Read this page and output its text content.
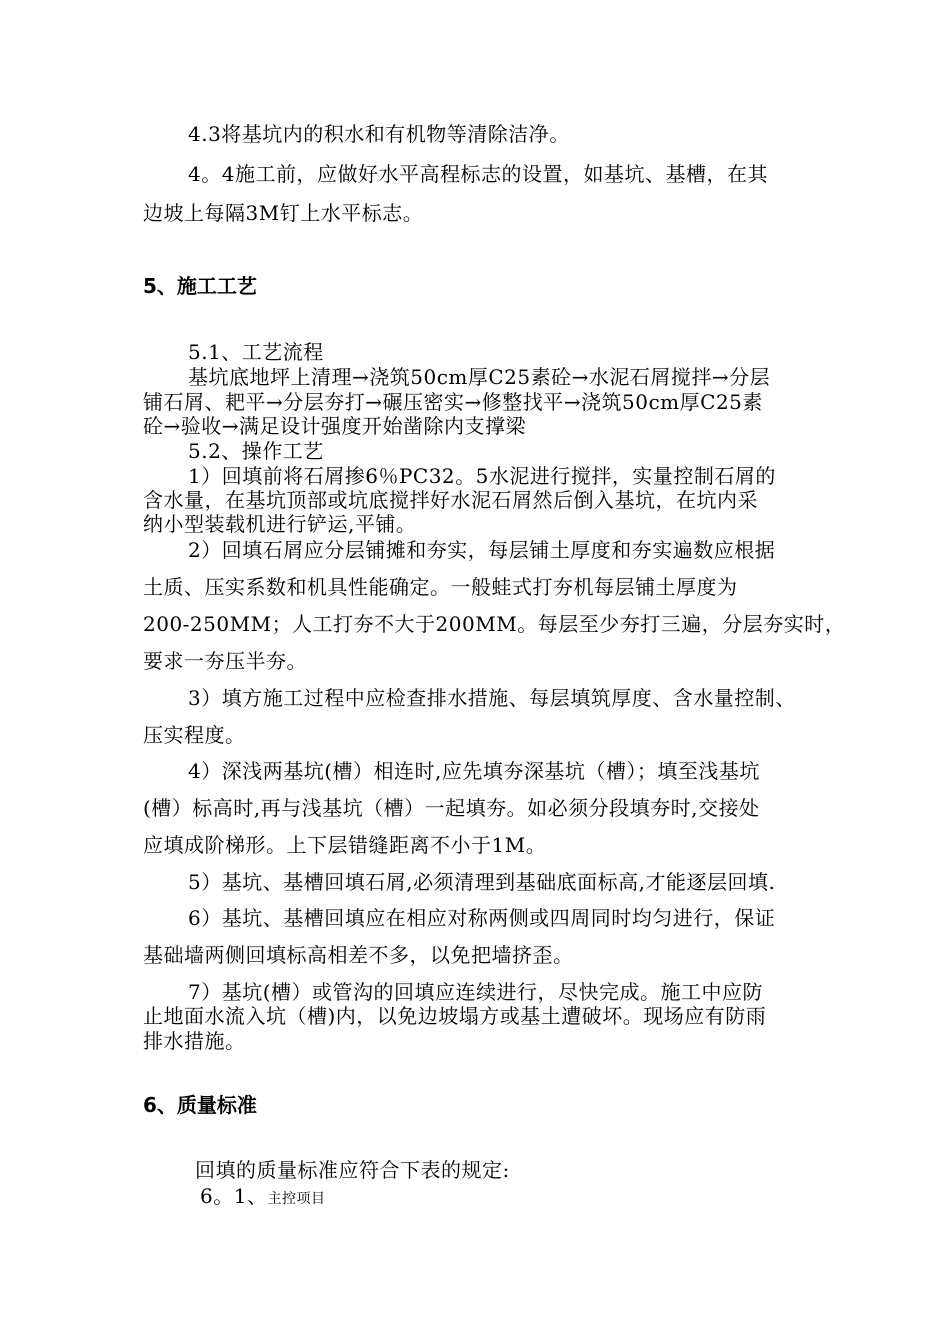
4.3将基坑内的积水和有机物等清除洁净。
4。4施工前，应做好水平高程标志的设置，如基坑、基槽，在其
边坡上每隔3M钉上水平标志。
5、施工工艺
5.1、工艺流程
基坑底地坪上清理→浇筑50cm厚C25素砼→水泥石屑搅拌→分层
铺石屑、耙平→分层夯打→碾压密实→修整找平→浇筑50cm厚C25素
砼→验收→满足设计强度开始凿除内支撑梁
5.2、操作工艺
1）回填前将石屑掺6％PC32。5水泥进行搅拌，实量控制石屑的
含水量，在基坑顶部或坑底搅拌好水泥石屑然后倒入基坑，在坑内采
纳小型装载机进行铲运,平铺。
2）回填石屑应分层铺摊和夯实，每层铺土厚度和夯实遍数应根据
土质、压实系数和机具性能确定。一般蛙式打夯机每层铺土厚度为
200-250MM；人工打夯不大于200MM。每层至少夯打三遍，分层夯实时，
要求一夯压半夯。
3）填方施工过程中应检查排水措施、每层填筑厚度、含水量控制、
压实程度。
4）深浅两基坑(槽）相连时,应先填夯深基坑（槽）；填至浅基坑
(槽）标高时,再与浅基坑（槽）一起填夯。如必须分段填夯时,交接处
应填成阶梯形。上下层错缝距离不小于1M。
5）基坑、基槽回填石屑,必须清理到基础底面标高,才能逐层回填.
6）基坑、基槽回填应在相应对称两侧或四周同时均匀进行，保证
基础墙两侧回填标高相差不多，以免把墙挤歪。
7）基坑(槽）或管沟的回填应连续进行，尽快完成。施工中应防
止地面水流入坑（槽)内，以免边坡塌方或基土遭破坏。现场应有防雨
排水措施。
6、质量标准
回填的质量标准应符合下表的规定:
6。1、主控项目
